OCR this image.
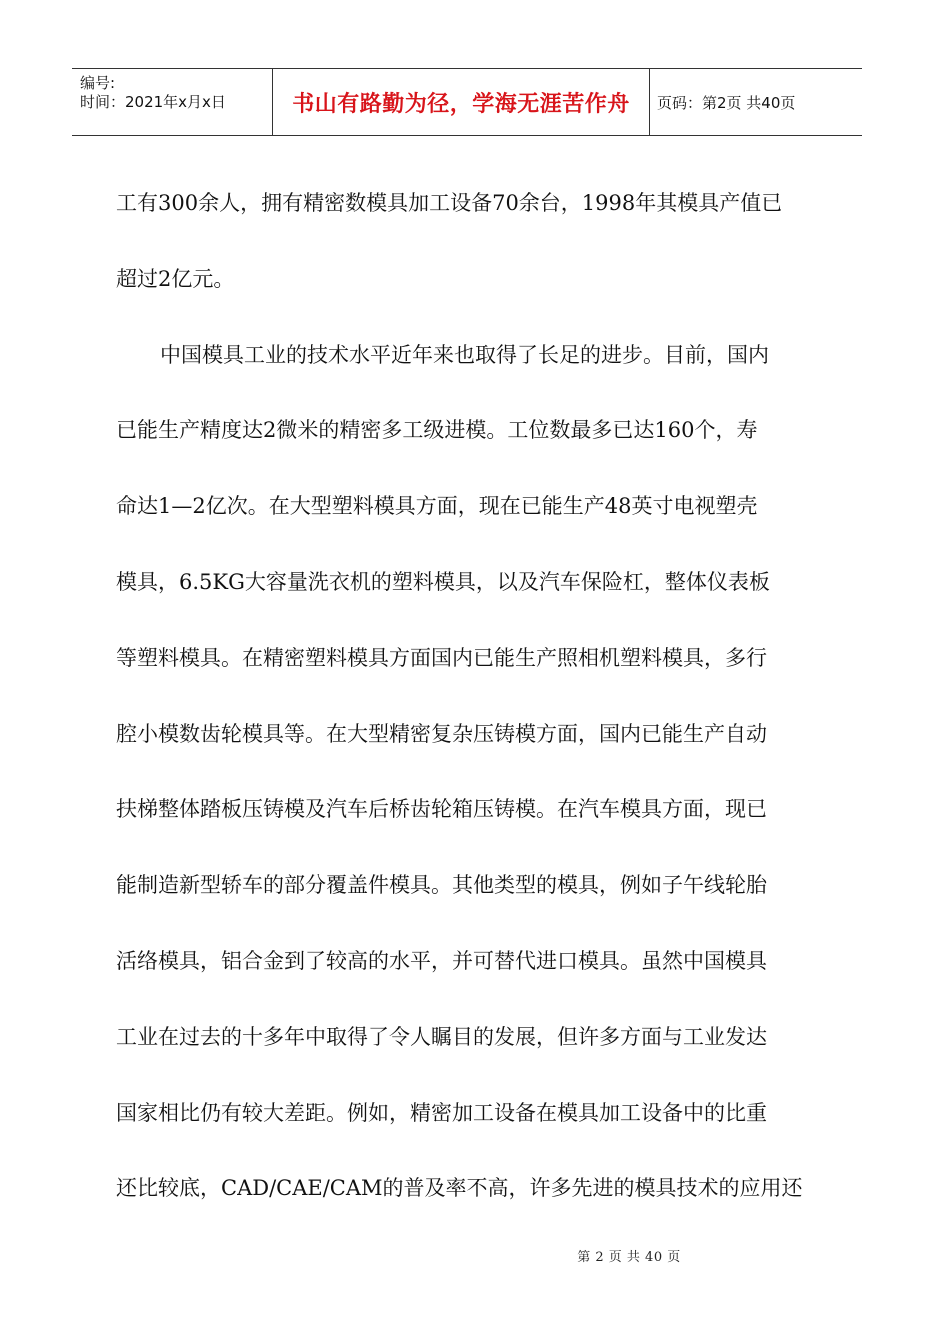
编号:
时间：2021年x月x日	书山有路勤为径，学海无涯苦作舟	页码：第2页 共40页
工有300余人，拥有精密数模具加工设备70余台，1998年其模具产值已
超过2亿元。
中国模具工业的技术水平近年来也取得了长足的进步。目前，国内
已能生产精度达2微米的精密多工级进模。工位数最多已达160个，寿
命达1—2亿次。在大型塑料模具方面，现在已能生产48英寸电视塑壳
模具，6.5KG大容量洗衣机的塑料模具，以及汽车保险杠，整体仪表板
等塑料模具。在精密塑料模具方面国内已能生产照相机塑料模具，多行
腔小模数齿轮模具等。在大型精密复杂压铸模方面，国内已能生产自动
扶梯整体踏板压铸模及汽车后桥齿轮箱压铸模。在汽车模具方面，现已
能制造新型轿车的部分覆盖件模具。其他类型的模具，例如子午线轮胎
活络模具，铝合金到了较高的水平，并可替代进口模具。虽然中国模具
工业在过去的十多年中取得了令人瞩目的发展，但许多方面与工业发达
国家相比仍有较大差距。例如，精密加工设备在模具加工设备中的比重
还比较底，CAD/CAE/CAM的普及率不高，许多先进的模具技术的应用还
第 2 页 共 40 页
